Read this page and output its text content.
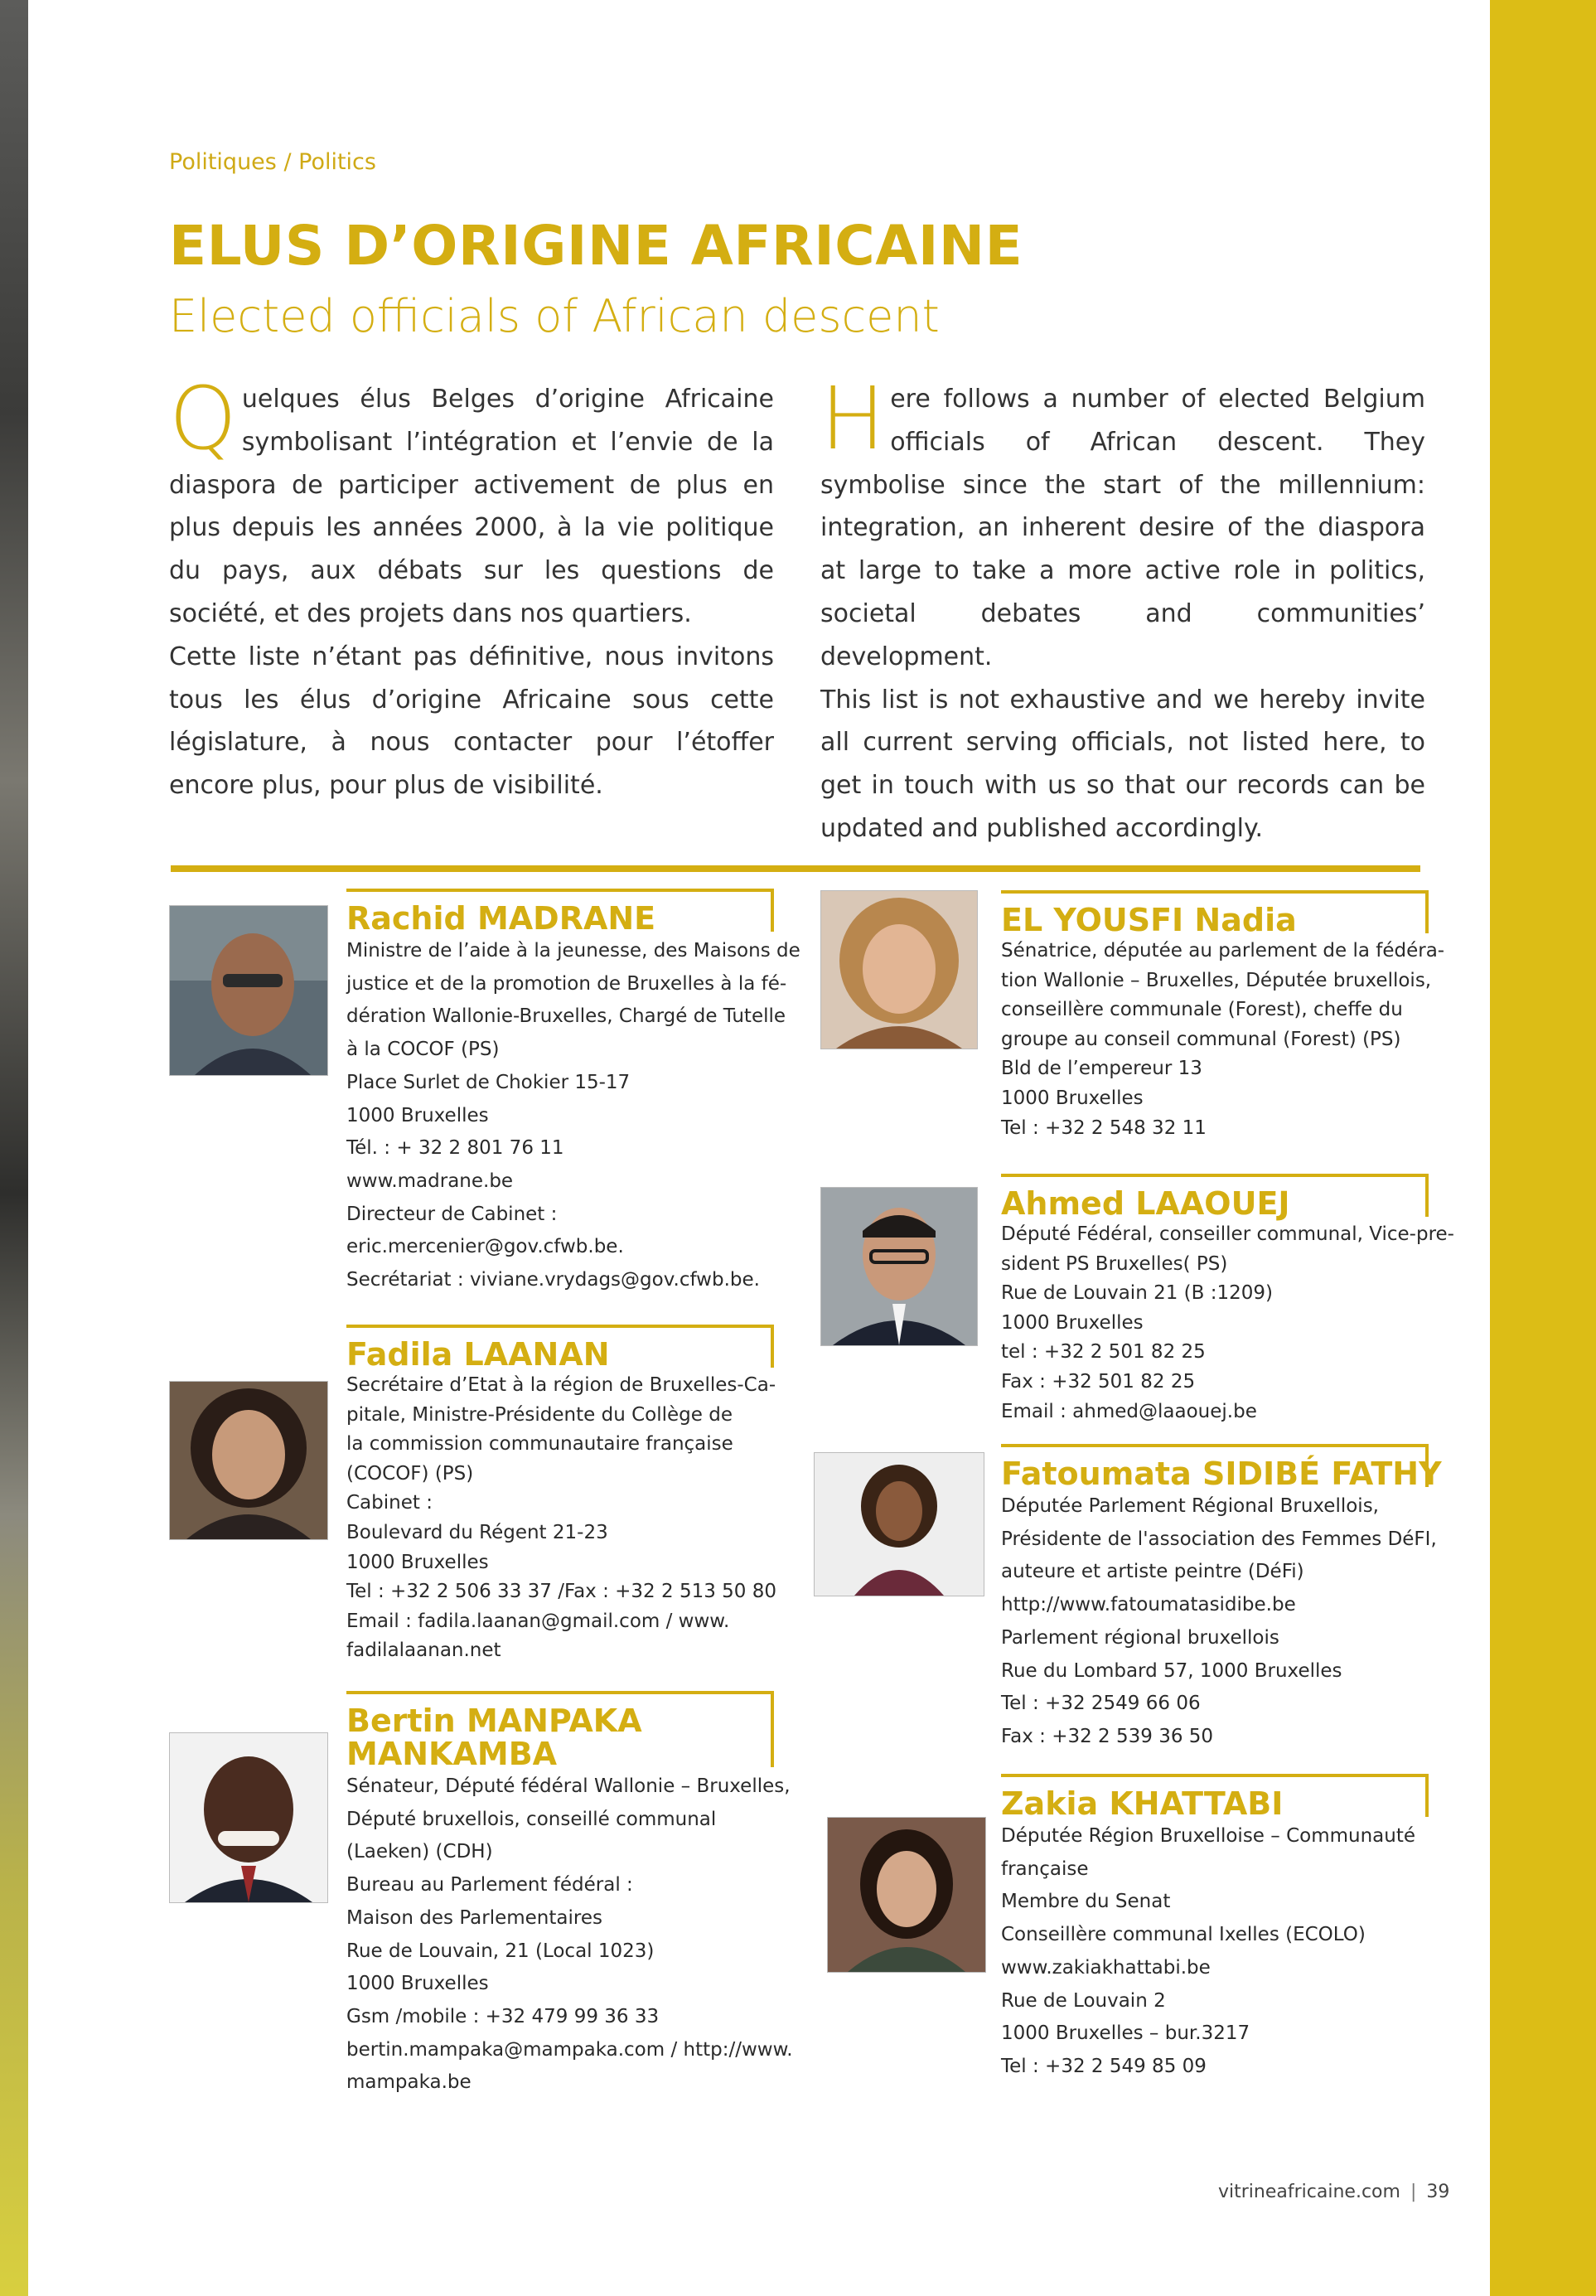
Politiques / Politics
ELUS D’ORIGINE AFRICAINE
Elected officials of African descent

Quelques élus Belges d’origine Africaine symbolisant l’intégration et l’envie de la diaspora de participer activement de plus en plus depuis les années 2000, à la vie politique du pays, aux débats sur les questions de société, et des projets dans nos quartiers.

Cette liste n’étant pas définitive, nous invitons tous les élus d’origine Africaine sous cette législature, à nous contacter pour l’étoffer encore plus, pour plus de visibilité.

Here follows a number of elected Belgium officials of African descent. They symbolise since the start of the millennium: integration, an inherent desire of the diaspora at large to take a more active role in politics, societal debates and communities’ development.

This list is not exhaustive and we hereby invite all current serving officials, not listed here, to get in touch with us so that our records can be updated and published accordingly.

Rachid MADRANE
Ministre de l’aide à la jeunesse, des Maisons de
justice et de la promotion de Bruxelles à la fé-
dération Wallonie-Bruxelles, Chargé de Tutelle
à la COCOF (PS)
Place Surlet de Chokier 15-17
1000 Bruxelles
Tél. : + 32 2 801 76 11
www.madrane.be
Directeur de Cabinet :
eric.mercenier@gov.cfwb.be.
Secrétariat : viviane.vrydags@gov.cfwb.be.
Fadila LAANAN
Secrétaire d’Etat à la région de Bruxelles-Ca-
pitale, Ministre-Présidente du Collège de
la commission communautaire française
(COCOF) (PS)
Cabinet :
Boulevard du Régent 21-23
1000 Bruxelles
Tel : +32 2 506 33 37 /Fax : +32 2 513 50 80
Email : fadila.laanan@gmail.com / www.
fadilalaanan.net
Bertin MANPAKA
MANKAMBA
Sénateur, Député fédéral Wallonie – Bruxelles,
Député bruxellois, conseillé communal
(Laeken) (CDH)
Bureau au Parlement fédéral :
Maison des Parlementaires
Rue de Louvain, 21 (Local 1023)
1000 Bruxelles
Gsm /mobile : +32 479 99 36 33
bertin.mampaka@mampaka.com / http://www.
mampaka.be
EL YOUSFI Nadia
Sénatrice, députée au parlement de la fédéra-
tion Wallonie – Bruxelles, Députée bruxellois,
conseillère communale (Forest), cheffe du
groupe au conseil communal (Forest) (PS)
Bld de l’empereur 13
1000 Bruxelles
Tel : +32 2 548 32 11
Ahmed LAAOUEJ
Député Fédéral, conseiller communal, Vice-pre-
sident PS Bruxelles( PS)
Rue de Louvain 21 (B :1209)
1000 Bruxelles
tel : +32 2 501 82 25
Fax : +32 501 82 25
Email : ahmed@laaouej.be
Fatoumata SIDIBÉ FATHY
Députée Parlement Régional Bruxellois,
Présidente de l'association des Femmes DéFI,
auteure et artiste peintre (DéFi)
http://www.fatoumatasidibe.be
Parlement régional bruxellois
Rue du Lombard 57, 1000 Bruxelles
Tel : +32 2549 66 06
Fax : +32 2 539 36 50
Zakia KHATTABI
Députée Région Bruxelloise – Communauté
française
Membre du Senat
Conseillère communal Ixelles (ECOLO)
www.zakiakhattabi.be
Rue de Louvain 2
1000 Bruxelles – bur.3217
Tel : +32 2 549 85 09
vitrineafricaine.com | 39
